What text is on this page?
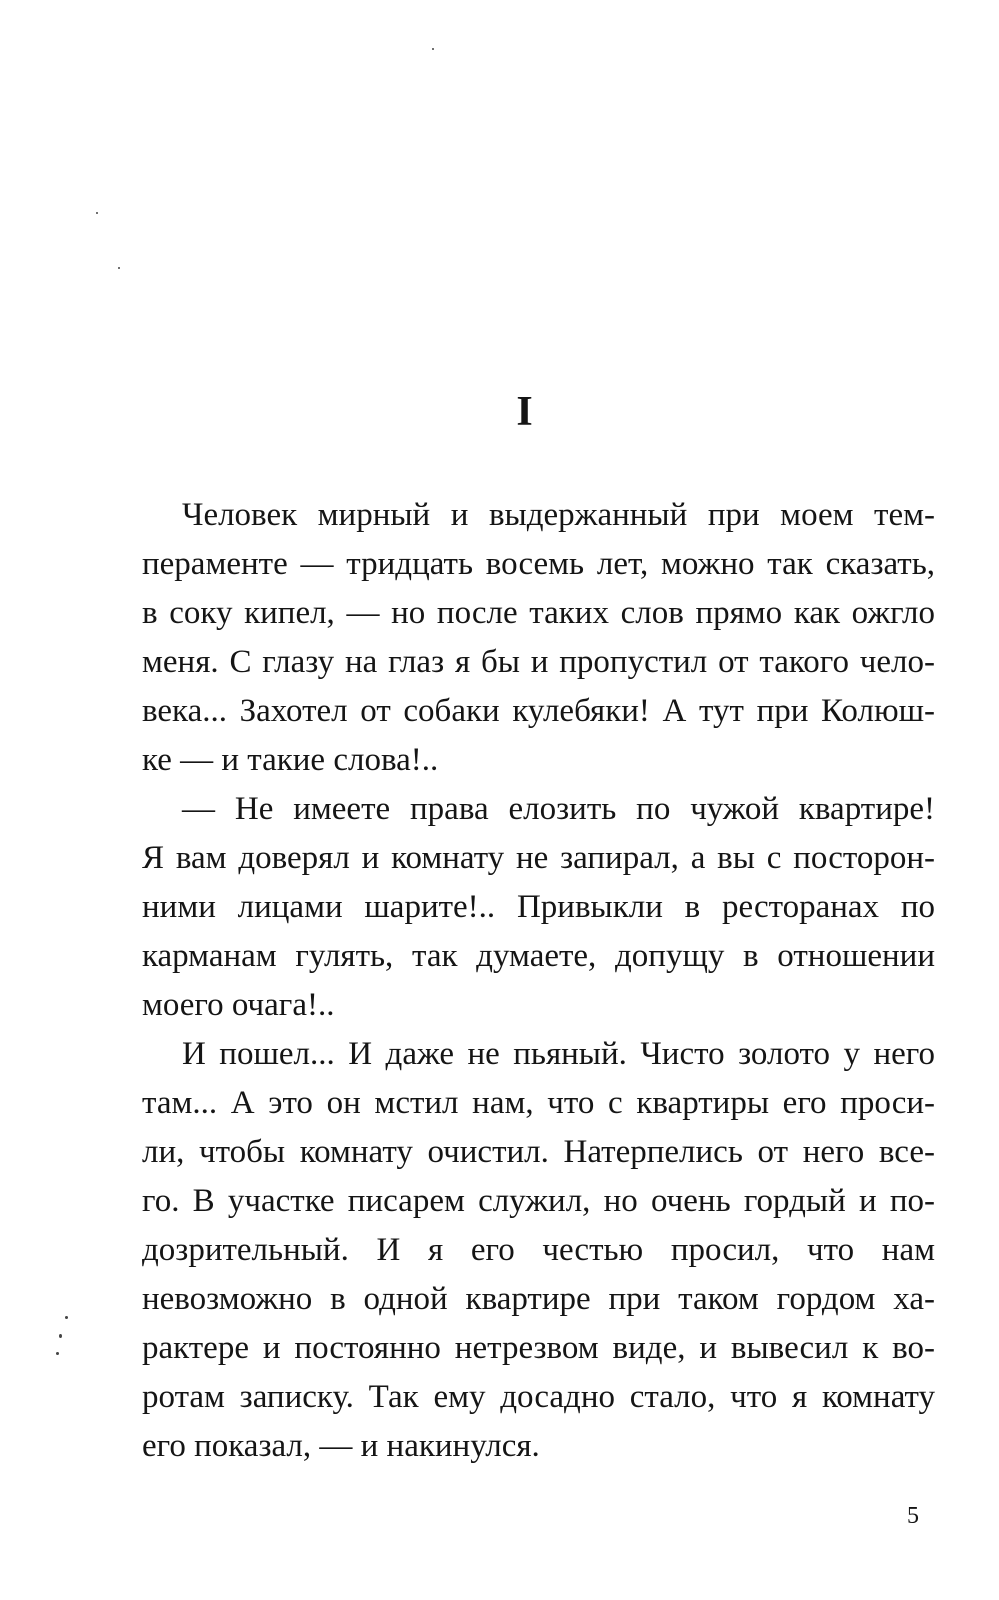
I
Человек мирный и выдержанный при моем тем-
пераменте — тридцать восемь лет, можно так сказать,
в соку кипел, — но после таких слов прямо как ожгло
меня. С глазу на глаз я бы и пропустил от такого чело-
века... Захотел от собаки кулебяки! А тут при Колюш-
ке — и такие слова!..
— Не имеете права елозить по чужой квартире!
Я вам доверял и комнату не запирал, а вы с посторон-
ними лицами шарите!.. Привыкли в ресторанах по
карманам гулять, так думаете, допущу в отношении
моего очага!..
И пошел... И даже не пьяный. Чисто золото у него
там... А это он мстил нам, что с квартиры его проси-
ли, чтобы комнату очистил. Натерпелись от него все-
го. В участке писарем служил, но очень гордый и по-
дозрительный. И я его честью просил, что нам
невозможно в одной квартире при таком гордом ха-
рактере и постоянно нетрезвом виде, и вывесил к во-
ротам записку. Так ему досадно стало, что я комнату
его показал, — и накинулся.
5
